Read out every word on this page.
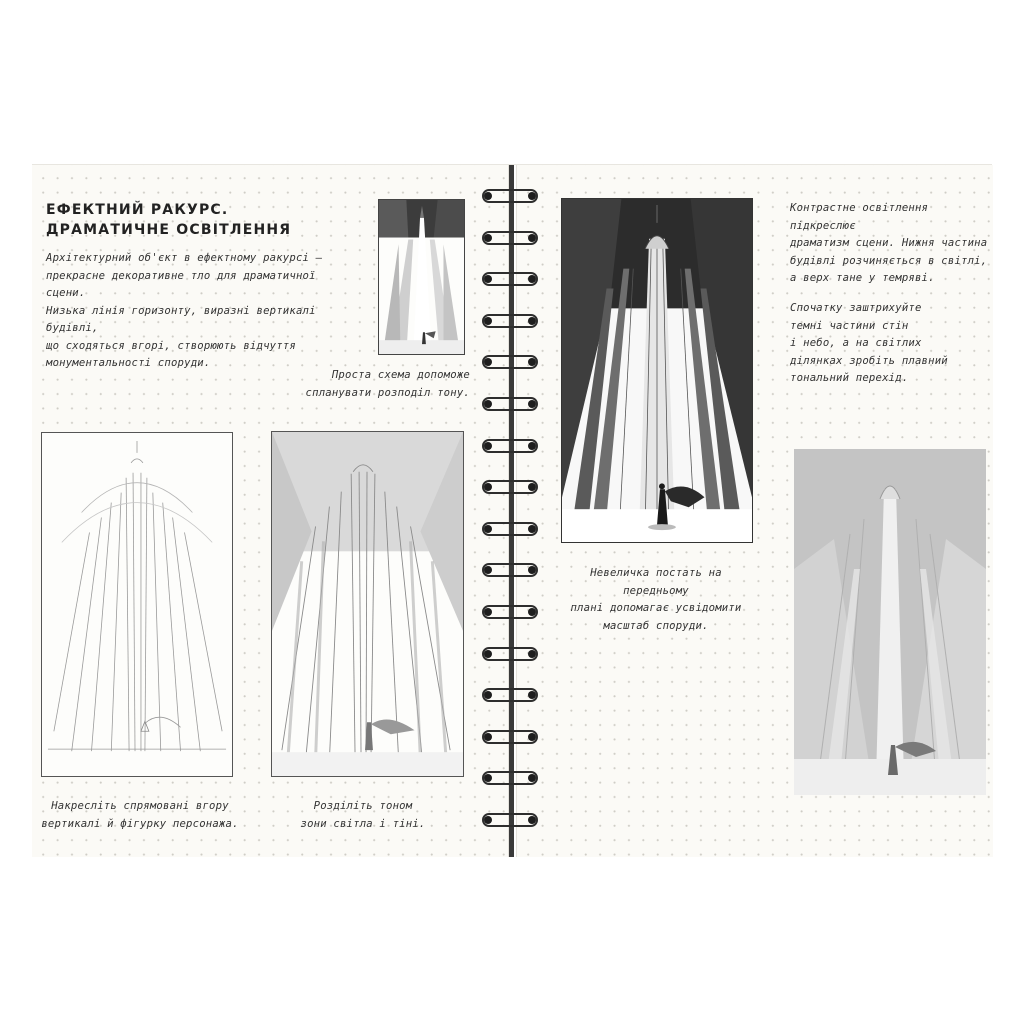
ЕФЕКТНИЙ РАКУРС.
ДРАМАТИЧНЕ ОСВІТЛЕННЯ
Архітектурний об'єкт в ефектному ракурсі —
прекрасне декоративне тло для драматичної сцени.
Низька лінія горизонту, виразні вертикалі будівлі,
що сходяться вгорі, створюють відчуття
монументальності споруди.
Проста схема допоможе
спланувати розподіл тону.
Накресліть спрямовані вгору
вертикалі й фігурку персонажа.
Розділіть тоном
зони світла і тіні.
Невеличка постать на передньому
плані допомагає усвідомити
масштаб споруди.
Контрастне освітлення підкреслює
драматизм сцени. Нижня частина
будівлі розчиняється в світлі,
а верх тане у темряві.
Спочатку заштрихуйте
темні частини стін
і небо, а на світлих
ділянках зробіть плавний
тональний перехід.
